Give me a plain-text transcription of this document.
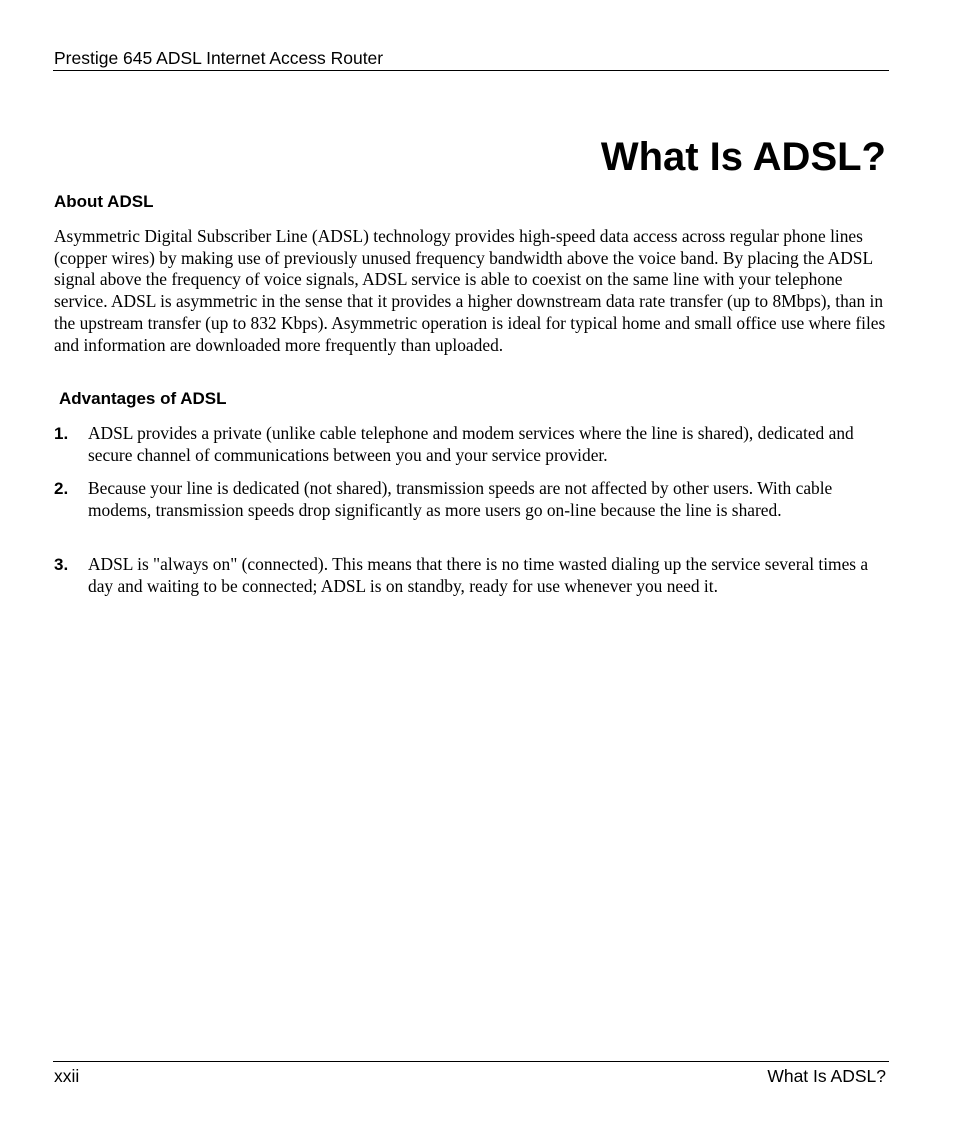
Prestige 645 ADSL Internet Access Router
What Is ADSL?
About ADSL

Asymmetric Digital Subscriber Line (ADSL) technology provides high-speed data access across regular phone lines (copper wires) by making use of previously unused frequency bandwidth above the voice band. By placing the ADSL signal above the frequency of voice signals, ADSL service is able to coexist on the same line with your telephone service. ADSL is asymmetric in the sense that it provides a higher downstream data rate transfer (up to 8Mbps), than in the upstream transfer (up to 832 Kbps). Asymmetric operation is ideal for typical home and small office use where files and information are downloaded more frequently than uploaded.

Advantages of ADSL
1. ADSL provides a private (unlike cable telephone and modem services where the line is shared), dedicated and secure channel of communications between you and your service provider.

2. Because your line is dedicated (not shared), transmission speeds are not affected by other users. With cable modems, transmission speeds drop significantly as more users go on-line because the line is shared.

3. ADSL is "always on" (connected). This means that there is no time wasted dialing up the service several times a day and waiting to be connected; ADSL is on standby, ready for use whenever you need it.

xxii	What Is ADSL?
